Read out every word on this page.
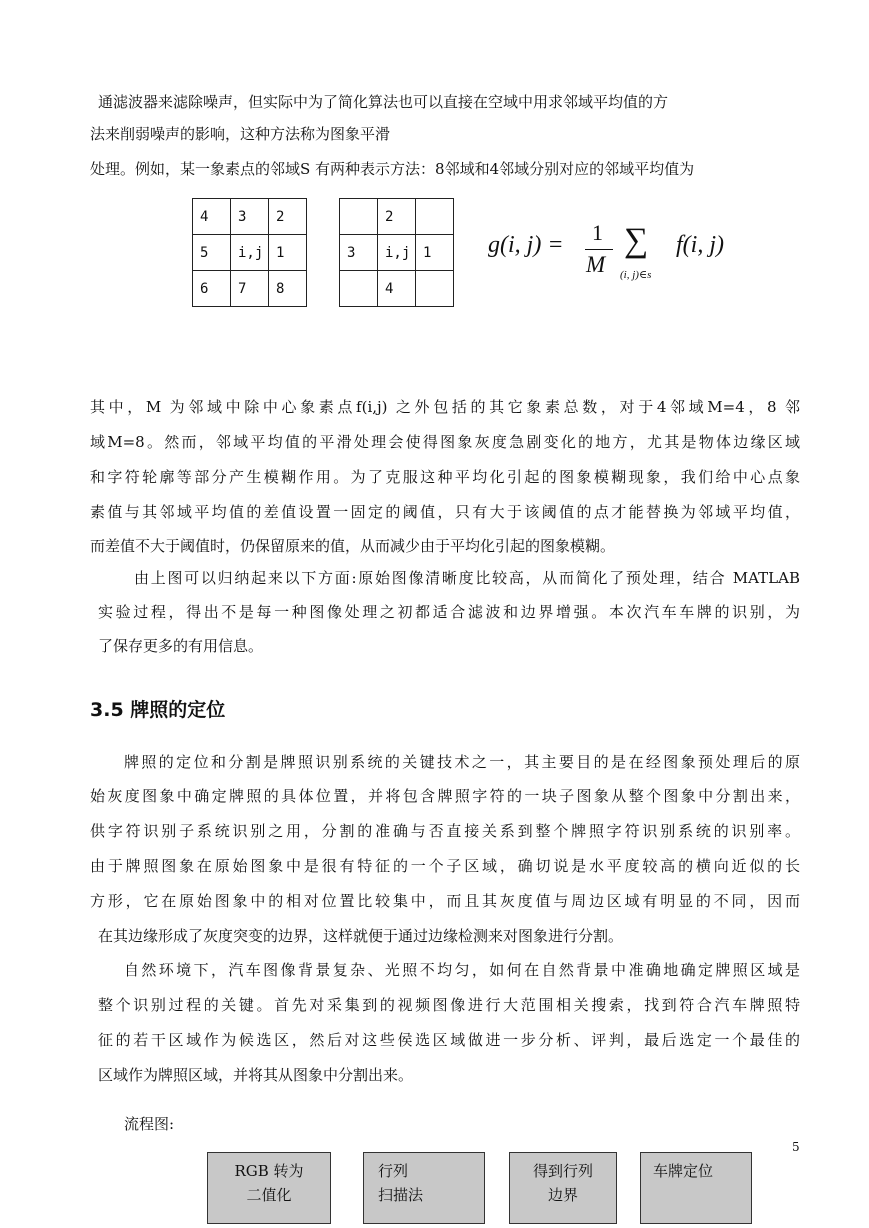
通滤波器来滤除噪声，但实际中为了简化算法也可以直接在空域中用求邻域平均值的方
法来削弱噪声的影响，这种方法称为图象平滑
处理。例如，某一象素点的邻域S 有两种表示方法：8邻域和4邻域分别对应的邻域平均值为
4	3	2
5	i,j	1
6	7	8
	2	
3	i,j	1
	4	
g(i, j) = 1
M
∑
(i, j)∈s
f(i, j)
其中，M 为邻域中除中心象素点f(i,j) 之外包括的其它象素总数，对于4邻域M=4，8 邻
域M=8。然而，邻域平均值的平滑处理会使得图象灰度急剧变化的地方，尤其是物体边缘区域
和字符轮廓等部分产生模糊作用。为了克服这种平均化引起的图象模糊现象，我们给中心点象
素值与其邻域平均值的差值设置一固定的阈值，只有大于该阈值的点才能替换为邻域平均值，
而差值不大于阈值时，仍保留原来的值，从而减少由于平均化引起的图象模糊。
由上图可以归纳起来以下方面:原始图像清晰度比较高，从而简化了预处理，结合 MATLAB
实验过程，得出不是每一种图像处理之初都适合滤波和边界增强。本次汽车车牌的识别，为
了保存更多的有用信息。
3.5 牌照的定位
牌照的定位和分割是牌照识别系统的关键技术之一，其主要目的是在经图象预处理后的原
始灰度图象中确定牌照的具体位置，并将包含牌照字符的一块子图象从整个图象中分割出来，
供字符识别子系统识别之用，分割的准确与否直接关系到整个牌照字符识别系统的识别率。
由于牌照图象在原始图象中是很有特征的一个子区域，确切说是水平度较高的横向近似的长
方形，它在原始图象中的相对位置比较集中，而且其灰度值与周边区域有明显的不同，因而
在其边缘形成了灰度突变的边界，这样就便于通过边缘检测来对图象进行分割。
自然环境下，汽车图像背景复杂、光照不均匀，如何在自然背景中准确地确定牌照区域是
整个识别过程的关键。首先对采集到的视频图像进行大范围相关搜索，找到符合汽车牌照特
征的若干区域作为候选区，然后对这些侯选区域做进一步分析、评判，最后选定一个最佳的
区域作为牌照区域，并将其从图象中分割出来。
流程图:
5
RGB 转为
二值化
行列
扫描法
得到行列
边界
车牌定位
